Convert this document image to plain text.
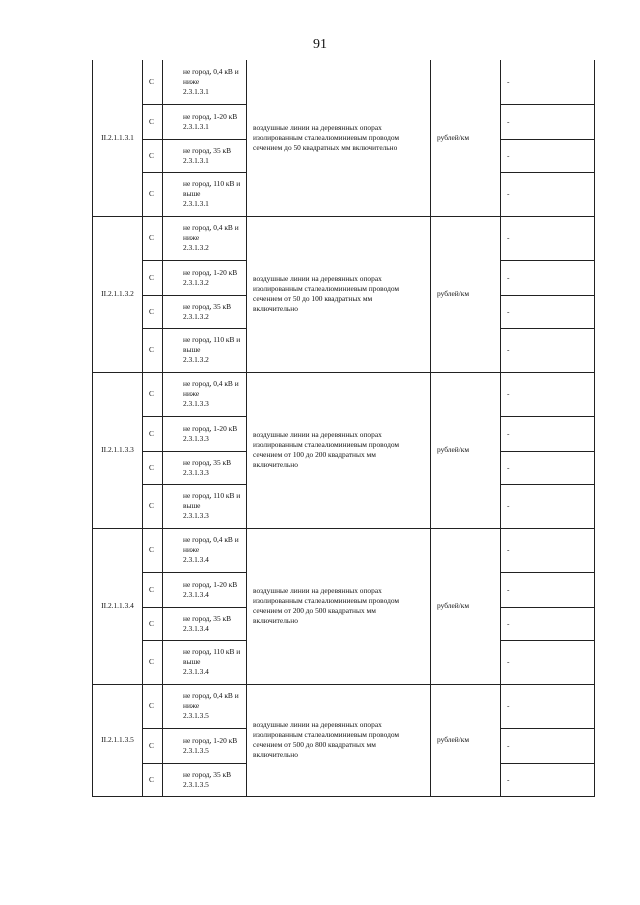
91
II.2.1.1.3.1	С	не город, 0,4 кВ и
ниже
2.3.1.3.1	воздушные линии на деревянных опорах
изолированным сталеалюминиевым проводом
сечением до 50 квадратных мм включительно	рублей/км	-
	С	не город, 1-20 кВ
2.3.1.3.1			-
	С	не город, 35 кВ
2.3.1.3.1			-
	С	не город, 110 кВ и
выше
2.3.1.3.1			-
II.2.1.1.3.2	С	не город, 0,4 кВ и
ниже
2.3.1.3.2	воздушные линии на деревянных опорах
изолированным сталеалюминиевым проводом
сечением от 50 до 100 квадратных мм
включительно	рублей/км	-
	С	не город, 1-20 кВ
2.3.1.3.2			-
	С	не город, 35 кВ
2.3.1.3.2			-
	С	не город, 110 кВ и
выше
2.3.1.3.2			-
II.2.1.1.3.3	С	не город, 0,4 кВ и
ниже
2.3.1.3.3	воздушные линии на деревянных опорах
изолированным сталеалюминиевым проводом
сечением от 100 до 200 квадратных мм
включительно	рублей/км	-
	С	не город, 1-20 кВ
2.3.1.3.3			-
	С	не город, 35 кВ
2.3.1.3.3			-
	С	не город, 110 кВ и
выше
2.3.1.3.3			-
II.2.1.1.3.4	С	не город, 0,4 кВ и
ниже
2.3.1.3.4	воздушные линии на деревянных опорах
изолированным сталеалюминиевым проводом
сечением от 200 до 500 квадратных мм
включительно	рублей/км	-
	С	не город, 1-20 кВ
2.3.1.3.4			-
	С	не город, 35 кВ
2.3.1.3.4			-
	С	не город, 110 кВ и
выше
2.3.1.3.4			-
II.2.1.1.3.5	С	не город, 0,4 кВ и
ниже
2.3.1.3.5	воздушные линии на деревянных опорах
изолированным сталеалюминиевым проводом
сечением от 500 до 800 квадратных мм
включительно	рублей/км	-
	С	не город, 1-20 кВ
2.3.1.3.5			-
	С	не город, 35 кВ
2.3.1.3.5			-
